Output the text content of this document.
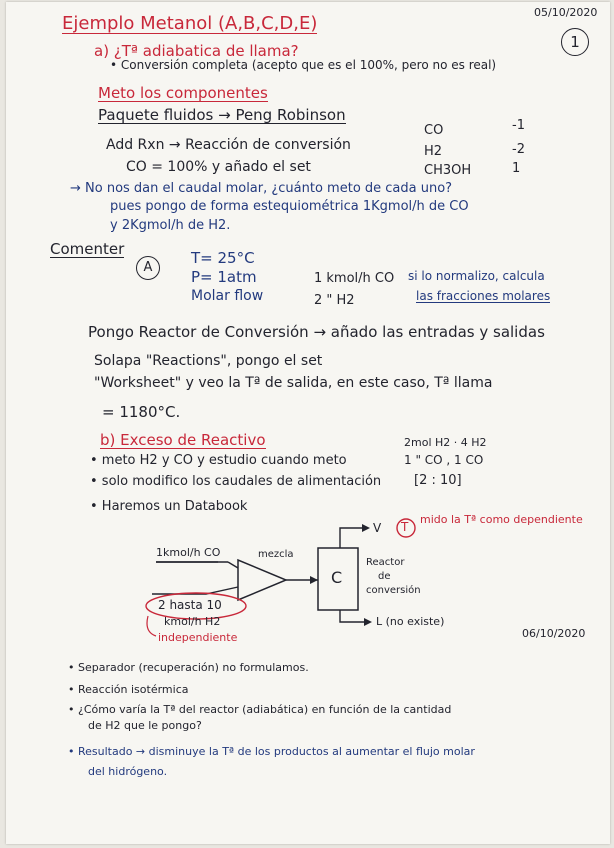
Ejemplo Metanol (A,B,C,D,E)
05/10/2020
1
a) ¿Tª adiabatica de llama?
• Conversión completa (acepto que es el 100%, pero no es real)
Meto los componentes
Paquete fluidos → Peng Robinson
Add Rxn → Reacción de conversión
CO = 100% y añado el set
CO	-1
H2	-2
CH3OH	1
→ No nos dan el caudal molar, ¿cuánto meto de cada uno?
pues pongo de forma estequiométrica 1Kgmol/h de CO
y 2Kgmol/h de H2.
Comenter
A
T= 25°C
P= 1atm
Molar flow
1 kmol/h CO
2 " H2
si lo normalizo, calcula
las fracciones molares
Pongo Reactor de Conversión → añado las entradas y salidas
Solapa "Reactions", pongo el set
"Worksheet" y veo la Tª de salida, en este caso, Tª llama
= 1180°C.
b) Exceso de Reactivo
• meto H2 y CO y estudio cuando meto
• solo modifico los caudales de alimentación
• Haremos un Databook
2mol H2 · 4 H2
1 " CO , 1 CO
[2 : 10]
1kmol/h CO	mezcla
2 hasta 10
kmol/h H2
independiente
C
Reactor
de
conversión
V
L (no existe)
T
mido la Tª como dependiente
06/10/2020
• Separador (recuperación) no formulamos.
• Reacción isotérmica
• ¿Cómo varía la Tª del reactor (adiabática) en función de la cantidad
de H2 que le pongo?
• Resultado → disminuye la Tª de los productos al aumentar el flujo molar
del hidrógeno.
